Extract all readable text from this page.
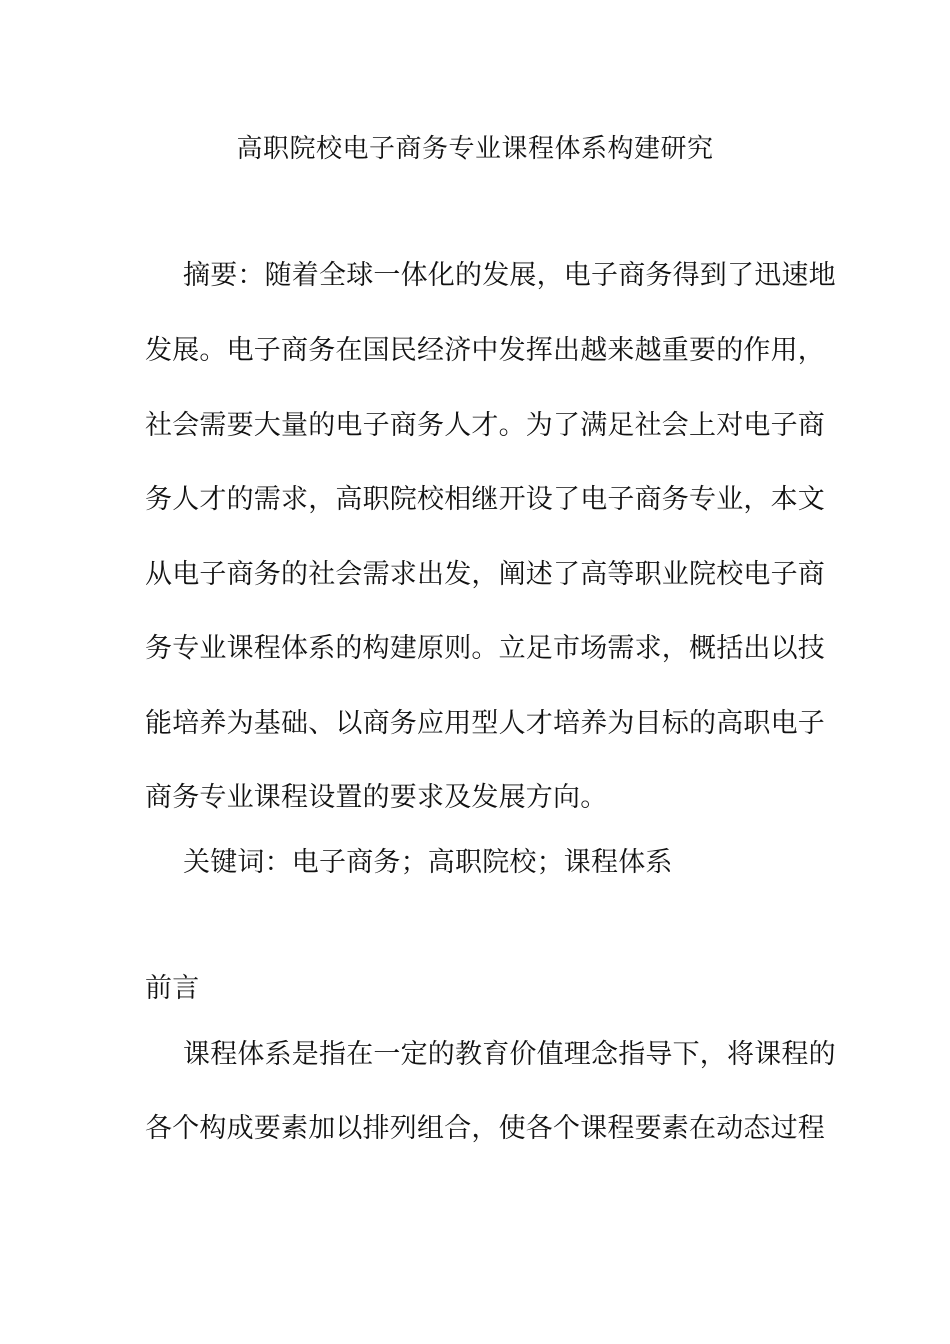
高职院校电子商务专业课程体系构建研究
摘要：随着全球一体化的发展，电子商务得到了迅速地
发展。电子商务在国民经济中发挥出越来越重要的作用，
社会需要大量的电子商务人才。为了满足社会上对电子商
务人才的需求，高职院校相继开设了电子商务专业，本文
从电子商务的社会需求出发，阐述了高等职业院校电子商
务专业课程体系的构建原则。立足市场需求，概括出以技
能培养为基础、以商务应用型人才培养为目标的高职电子
商务专业课程设置的要求及发展方向。
关键词：电子商务；高职院校；课程体系
前言
课程体系是指在一定的教育价值理念指导下，将课程的
各个构成要素加以排列组合，使各个课程要素在动态过程
